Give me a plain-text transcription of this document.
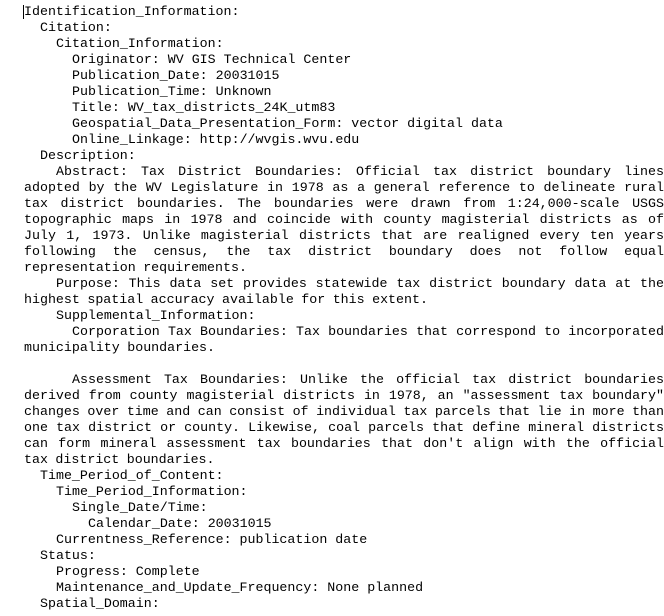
Identification_Information:
Citation:
Citation_Information:
Originator: WV GIS Technical Center
Publication_Date: 20031015
Publication_Time: Unknown
Title: WV_tax_districts_24K_utm83
Geospatial_Data_Presentation_Form: vector digital data
Online_Linkage: http://wvgis.wvu.edu
Description:
Abstract: Tax District Boundaries: Official tax district boundary lines adopted by the WV Legislature in 1978 as a general reference to delineate rural tax district boundaries. The boundaries were drawn from 1:24,000-scale USGS topographic maps in 1978 and coincide with county magisterial districts as of July 1, 1973. Unlike magisterial districts that are realigned every ten years following the census, the tax district boundary does not follow equal representation requirements.
Purpose: This data set provides statewide tax district boundary data at the highest spatial accuracy available for this extent.
Supplemental_Information:
Corporation Tax Boundaries: Tax boundaries that correspond to incorporated municipality boundaries.
Assessment Tax Boundaries: Unlike the official tax district boundaries derived from county magisterial districts in 1978, an "assessment tax boundary" changes over time and can consist of individual tax parcels that lie in more than one tax district or county. Likewise, coal parcels that define mineral districts can form mineral assessment tax boundaries that don't align with the official tax district boundaries.
Time_Period_of_Content:
Time_Period_Information:
Single_Date/Time:
Calendar_Date: 20031015
Currentness_Reference: publication date
Status:
Progress: Complete
Maintenance_and_Update_Frequency: None planned
Spatial_Domain:
